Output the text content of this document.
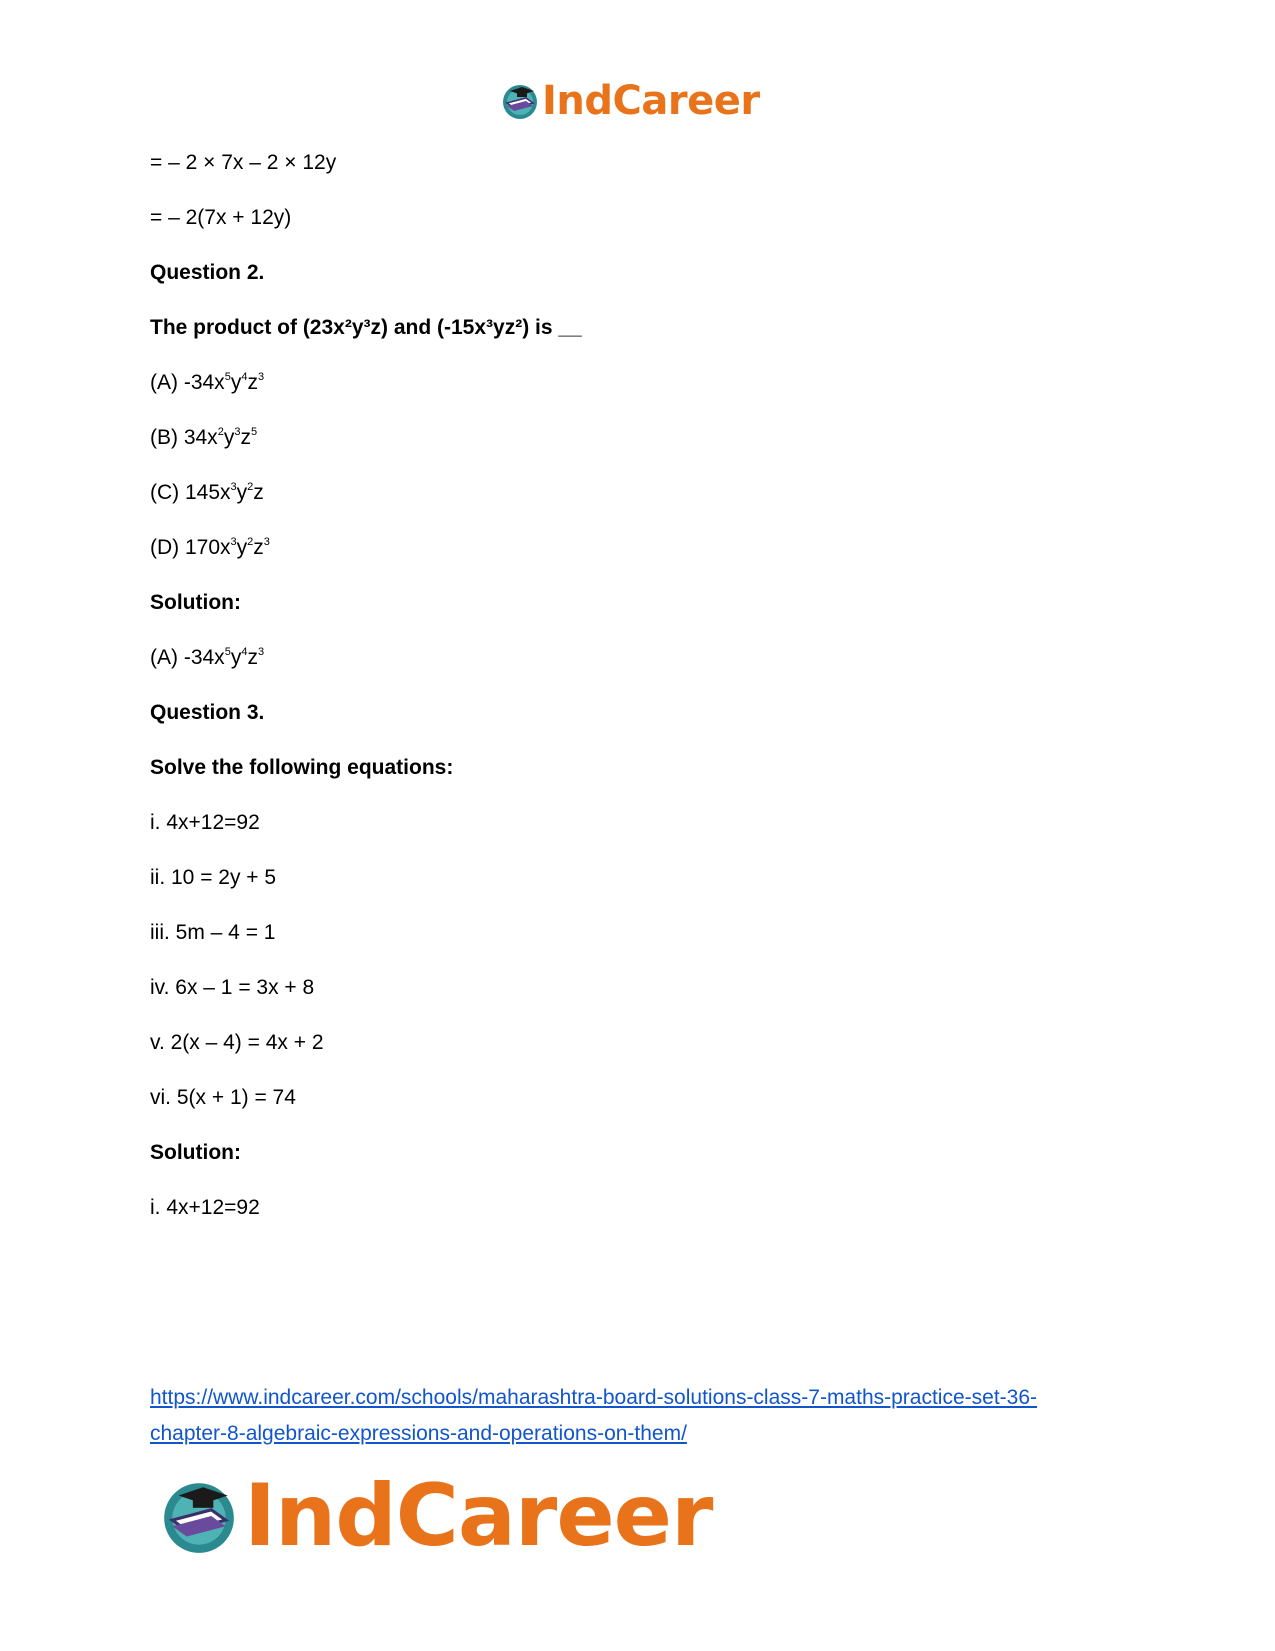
IndCareer
= – 2 × 7x – 2 × 12y
= – 2(7x + 12y)
Question 2.
The product of (23x²y³z) and (-15x³yz²) is __
(A) $-34x^5y^4z^3$
(B) $34x^2y^3z^5$
(C) $145x^3y^2z$
(D) $170x^3y^2z^3$
Solution:
(A) $-34x^5y^4z^3$
Question 3.
Solve the following equations:
i. 4x+12=92
ii. 10 = 2y + 5
iii. 5m – 4 = 1
iv. 6x – 1 = 3x + 8
v. 2(x – 4) = 4x + 2
vi. 5(x + 1) = 74
Solution:
i. 4x+12=92
https://www.indcareer.com/schools/maharashtra-board-solutions-class-7-maths-practice-set-36-
chapter-8-algebraic-expressions-and-operations-on-them/
IndCareer
